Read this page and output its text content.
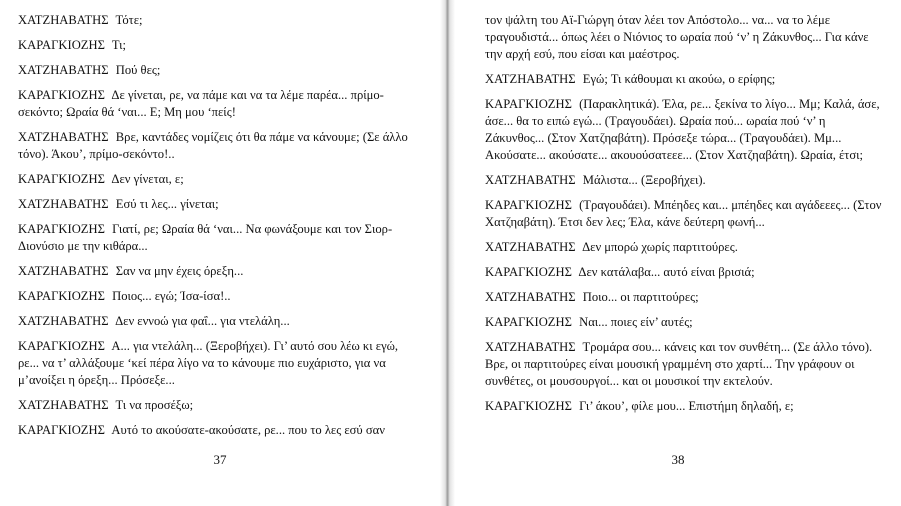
ΧΑΤΖΗΑΒΑΤΗΣ Τότε;

ΚΑΡΑΓΚΙΟΖΗΣ Τι;

ΧΑΤΖΗΑΒΑΤΗΣ Πού θες;

ΚΑΡΑΓΚΙΟΖΗΣ Δε γίνεται, ρε, να πάμε και να τα λέμε παρέα... πρίμο-σεκόντο; Ωραία θά ‘ναι... Ε; Μη μου ‘πείς!

ΧΑΤΖΗΑΒΑΤΗΣ Βρε, καντάδες νομίζεις ότι θα πάμε να κάνουμε; (Σε άλλο τόνο). Άκου’, πρίμο-σεκόντο!..

ΚΑΡΑΓΚΙΟΖΗΣ Δεν γίνεται, ε;

ΧΑΤΖΗΑΒΑΤΗΣ Εσύ τι λες... γίνεται;

ΚΑΡΑΓΚΙΟΖΗΣ Γιατί, ρε; Ωραία θά ‘ναι... Να φωνάξουμε και τον Σιορ-Διονύσιο με την κιθάρα...

ΧΑΤΖΗΑΒΑΤΗΣ Σαν να μην έχεις όρεξη...

ΚΑΡΑΓΚΙΟΖΗΣ Ποιος... εγώ; Ίσα-ίσα!..

ΧΑΤΖΗΑΒΑΤΗΣ Δεν εννοώ για φαΐ... για ντελάλη...

ΚΑΡΑΓΚΙΟΖΗΣ Α... για ντελάλη... (Ξεροβήχει). Γι’ αυτό σου λέω κι εγώ, ρε... να τ’ αλλάξουμε ‘κεί πέρα λίγο να το κάνουμε πιο ευχάριστο, για να μ’ανοίξει η όρεξη... Πρόσεξε...

ΧΑΤΖΗΑΒΑΤΗΣ Τι να προσέξω;

ΚΑΡΑΓΚΙΟΖΗΣ Αυτό το ακούσατε-ακούσατε, ρε... που το λες εσύ σαν

37

τον ψάλτη του Αϊ-Γιώργη όταν λέει τον Απόστολο... να... να το λέμε τραγουδιστά... όπως λέει ο Νιόνιος το ωραία πού ‘ν’ η Ζάκυνθος... Για κάνε την αρχή εσύ, που είσαι και μαέστρος.

ΧΑΤΖΗΑΒΑΤΗΣ Εγώ; Τι κάθουμαι κι ακούω, ο ερίφης;

ΚΑΡΑΓΚΙΟΖΗΣ (Παρακλητικά). Έλα, ρε... ξεκίνα το λίγο... Μμ; Καλά, άσε, άσε... θα το ειπώ εγώ... (Τραγουδάει). Ωραία πού... ωραία πού ‘ν’ η Ζάκυνθος... (Στον Χατζηαβάτη). Πρόσεξε τώρα... (Τραγουδάει). Μμ... Ακούσατε... ακούσατε... ακουούσατεεε... (Στον Χατζηαβάτη). Ωραία, έτσι;

ΧΑΤΖΗΑΒΑΤΗΣ Μάλιστα... (Ξεροβήχει).

ΚΑΡΑΓΚΙΟΖΗΣ (Τραγουδάει). Μπέηδες και... μπέηδες και αγάδεεες... (Στον Χατζηαβάτη). Έτσι δεν λες; Έλα, κάνε δεύτερη φωνή...

ΧΑΤΖΗΑΒΑΤΗΣ Δεν μπορώ χωρίς παρτιτούρες.

ΚΑΡΑΓΚΙΟΖΗΣ Δεν κατάλαβα... αυτό είναι βρισιά;

ΧΑΤΖΗΑΒΑΤΗΣ Ποιο... οι παρτιτούρες;

ΚΑΡΑΓΚΙΟΖΗΣ Ναι... ποιες είν’ αυτές;

ΧΑΤΖΗΑΒΑΤΗΣ Τρομάρα σου... κάνεις και τον συνθέτη... (Σε άλλο τόνο). Βρε, οι παρτιτούρες είναι μουσική γραμμένη στο χαρτί... Την γράφουν οι συνθέτες, οι μουσουργοί... και οι μουσικοί την εκτελούν.

ΚΑΡΑΓΚΙΟΖΗΣ Γι’ άκου’, φίλε μου... Επιστήμη δηλαδή, ε;

38
